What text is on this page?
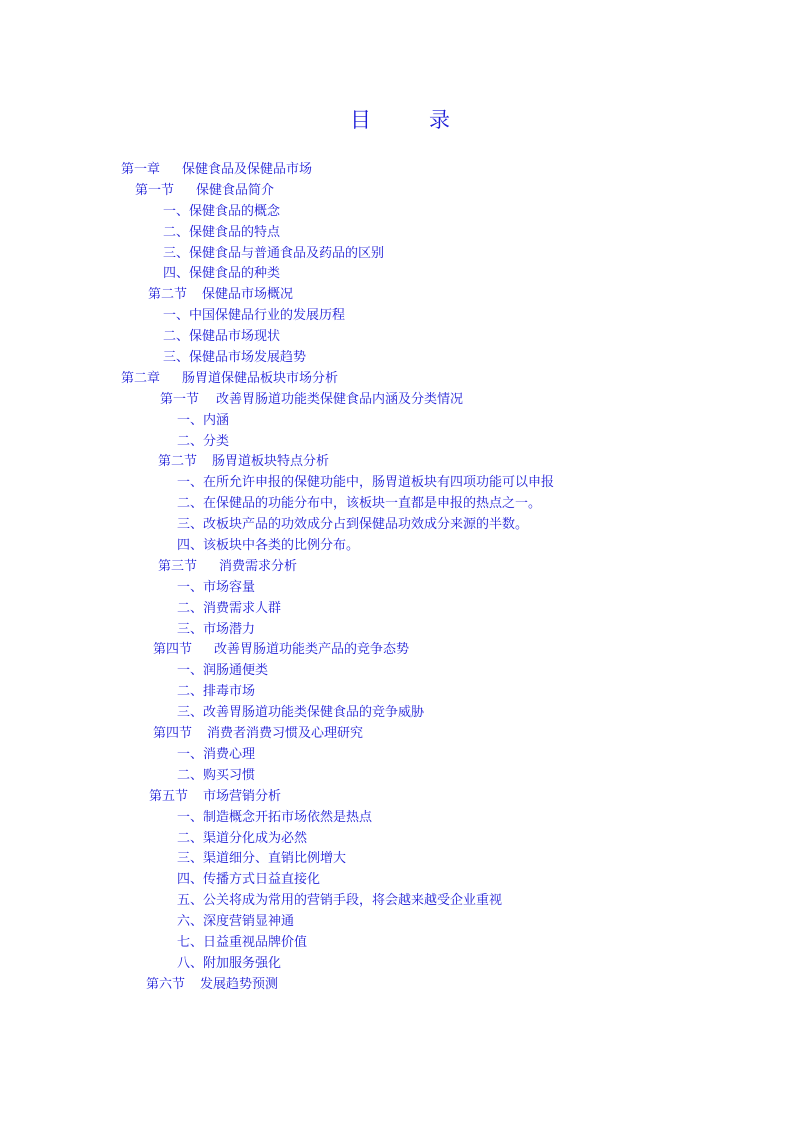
目	录
第一章 保健食品及保健品市场
第一节 保健食品简介
一、保健食品的概念
二、保健食品的特点
三、保健食品与普通食品及药品的区别
四、保健食品的种类
第二节 保健品市场概况
一、中国保健品行业的发展历程
二、保健品市场现状
三、保健品市场发展趋势
第二章 肠胃道保健品板块市场分析
第一节 改善胃肠道功能类保健食品内涵及分类情况
一、内涵
二、分类
第二节 肠胃道板块特点分析
一、在所允许申报的保健功能中，肠胃道板块有四项功能可以申报
二、在保健品的功能分布中，该板块一直都是申报的热点之一。
三、改板块产品的功效成分占到保健品功效成分来源的半数。
四、该板块中各类的比例分布。
第三节 消费需求分析
一、市场容量
二、消费需求人群
三、市场潜力
第四节 改善胃肠道功能类产品的竞争态势
一、润肠通便类
二、排毒市场
三、改善胃肠道功能类保健食品的竞争威胁
第四节 消费者消费习惯及心理研究
一、消费心理
二、购买习惯
第五节 市场营销分析
一、制造概念开拓市场依然是热点
二、渠道分化成为必然
三、渠道细分、直销比例增大
四、传播方式日益直接化
五、公关将成为常用的营销手段，将会越来越受企业重视
六、深度营销显神通
七、日益重视品牌价值
八、附加服务强化
第六节 发展趋势预测
